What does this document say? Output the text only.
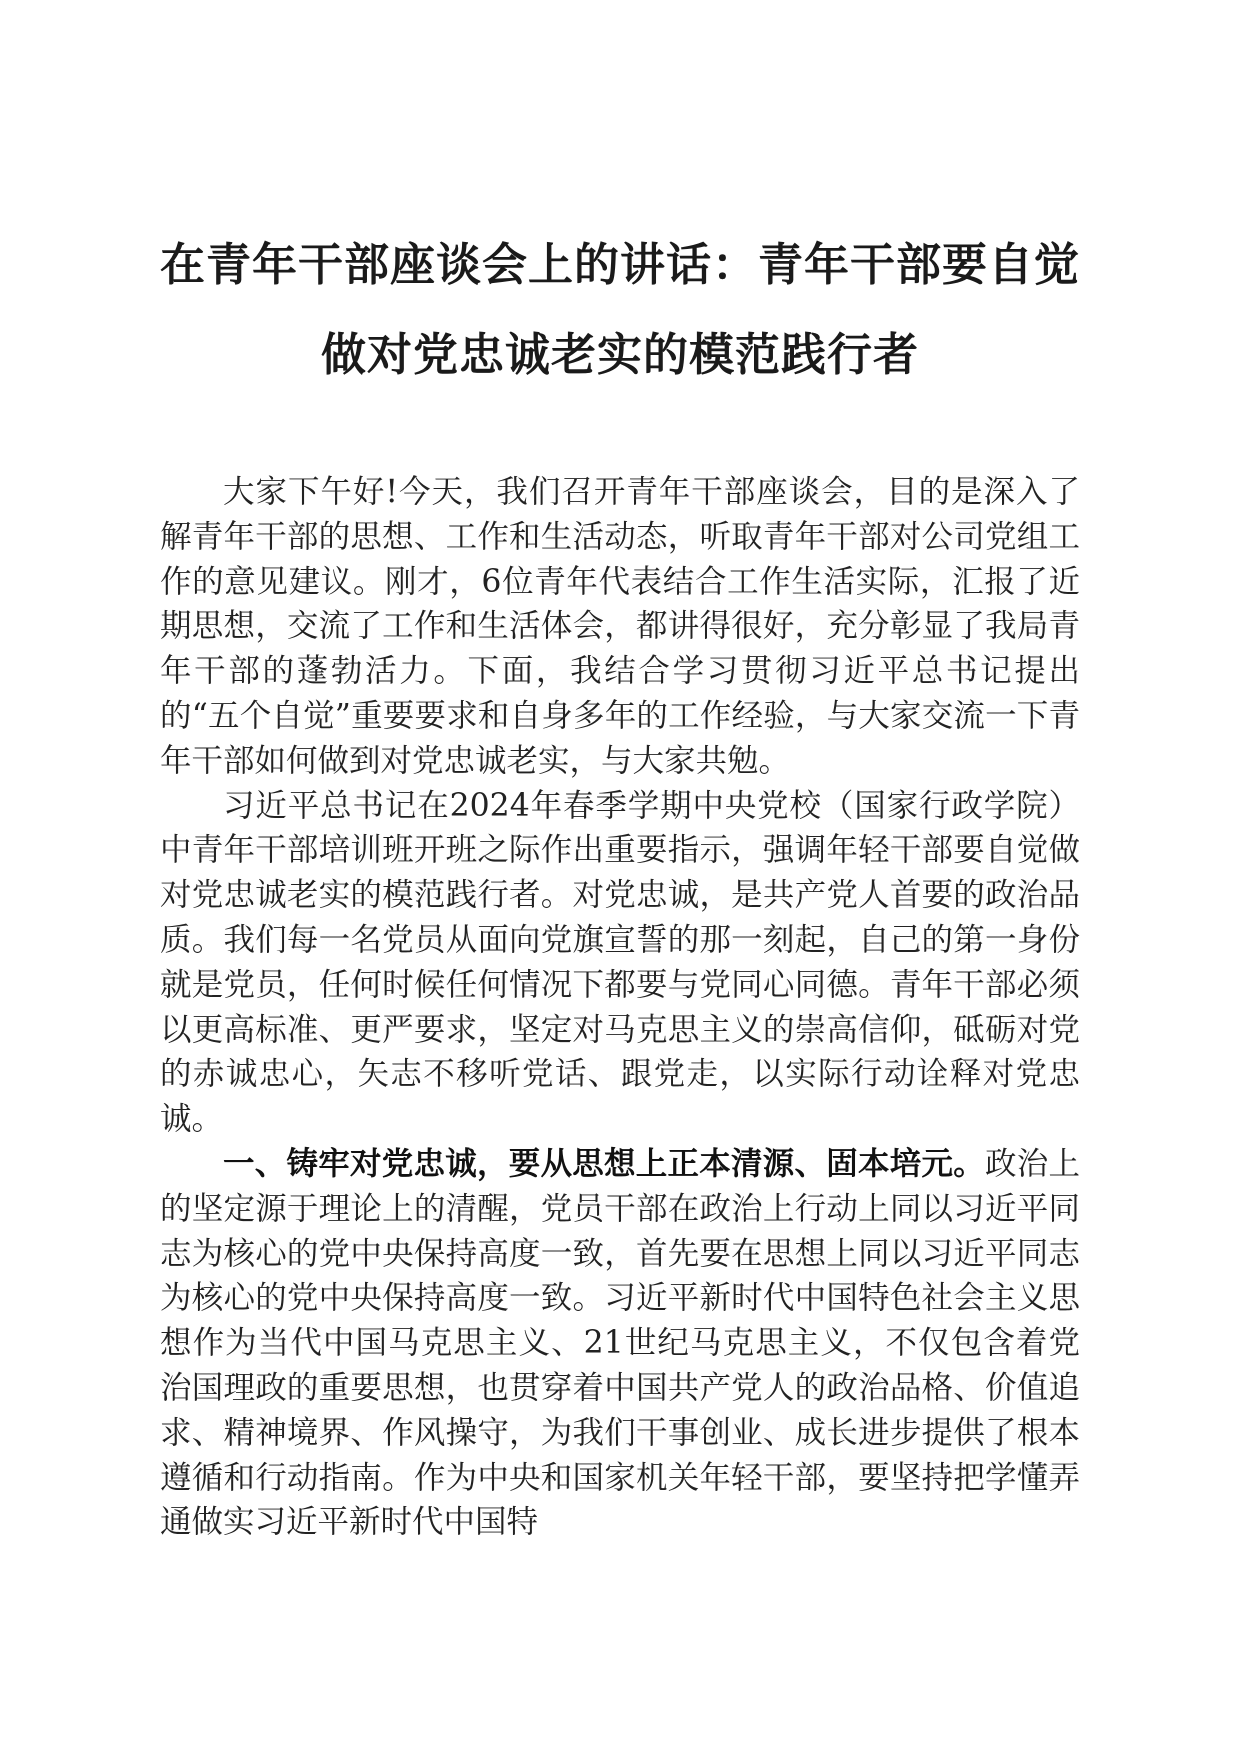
在青年干部座谈会上的讲话：青年干部要自觉
做对党忠诚老实的模范践行者

大家下午好!今天，我们召开青年干部座谈会，目的是深入了解青年干部的思想、工作和生活动态，听取青年干部对公司党组工作的意见建议。刚才，6位青年代表结合工作生活实际，汇报了近期思想，交流了工作和生活体会，都讲得很好，充分彰显了我局青年干部的蓬勃活力。下面，我结合学习贯彻习近平总书记提出的“五个自觉”重要要求和自身多年的工作经验，与大家交流一下青年干部如何做到对党忠诚老实，与大家共勉。

习近平总书记在2024年春季学期中央党校（国家行政学院）中青年干部培训班开班之际作出重要指示，强调年轻干部要自觉做对党忠诚老实的模范践行者。对党忠诚，是共产党人首要的政治品质。我们每一名党员从面向党旗宣誓的那一刻起，自己的第一身份就是党员，任何时候任何情况下都要与党同心同德。青年干部必须以更高标准、更严要求，坚定对马克思主义的崇高信仰，砥砺对党的赤诚忠心，矢志不移听党话、跟党走，以实际行动诠释对党忠诚。

一、铸牢对党忠诚，要从思想上正本清源、固本培元。政治上的坚定源于理论上的清醒，党员干部在政治上行动上同以习近平同志为核心的党中央保持高度一致，首先要在思想上同以习近平同志为核心的党中央保持高度一致。习近平新时代中国特色社会主义思想作为当代中国马克思主义、21世纪马克思主义，不仅包含着党治国理政的重要思想，也贯穿着中国共产党人的政治品格、价值追求、精神境界、作风操守，为我们干事创业、成长进步提供了根本遵循和行动指南。作为中央和国家机关年轻干部，要坚持把学懂弄通做实习近平新时代中国特
